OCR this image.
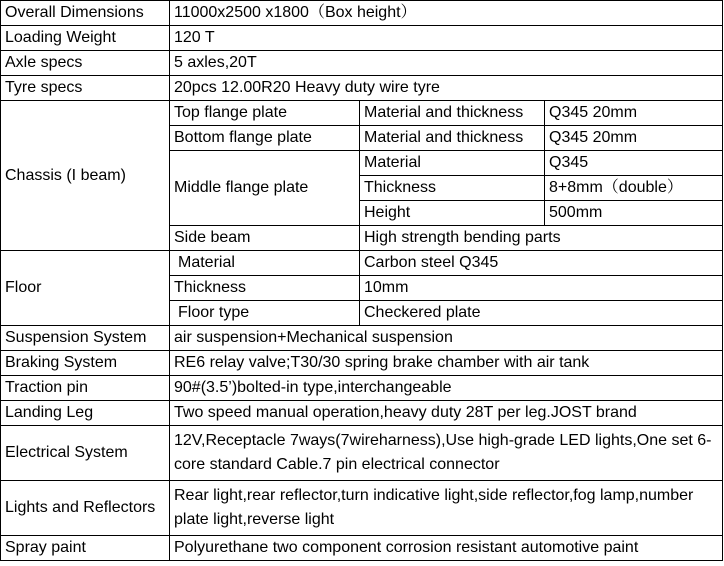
Overall Dimensions	11000x2500 x1800（Box height）		
Loading Weight	120 T		
Axle specs	5 axles,20T		
Tyre specs	20pcs 12.00R20 Heavy duty wire tyre		
Chassis (I beam)	Top flange plate	Material and thickness	Q345 20mm
	Bottom flange plate	Material and thickness	Q345 20mm
	Middle flange plate	Material	Q345
		Thickness	8+8mm（double）
		Height	500mm
	Side beam	High strength bending parts	
Floor	Material	Carbon steel Q345	
	Thickness	10mm	
	Floor type	Checkered plate	
Suspension System	air suspension+Mechanical suspension		
Braking System	RE6 relay valve;T30/30 spring brake chamber with air tank		
Traction pin	90#(3.5’)bolted-in type,interchangeable		
Landing Leg	Two speed manual operation,heavy duty 28T per leg.JOST brand		
Electrical System	12V,Receptacle 7ways(7wireharness),Use high-grade LED lights,One set 6-core standard Cable.7 pin electrical connector		
Lights and Reflectors	Rear light,rear reflector,turn indicative light,side reflector,fog lamp,number plate light,reverse light		
Spray paint	Polyurethane two component corrosion resistant automotive paint		
